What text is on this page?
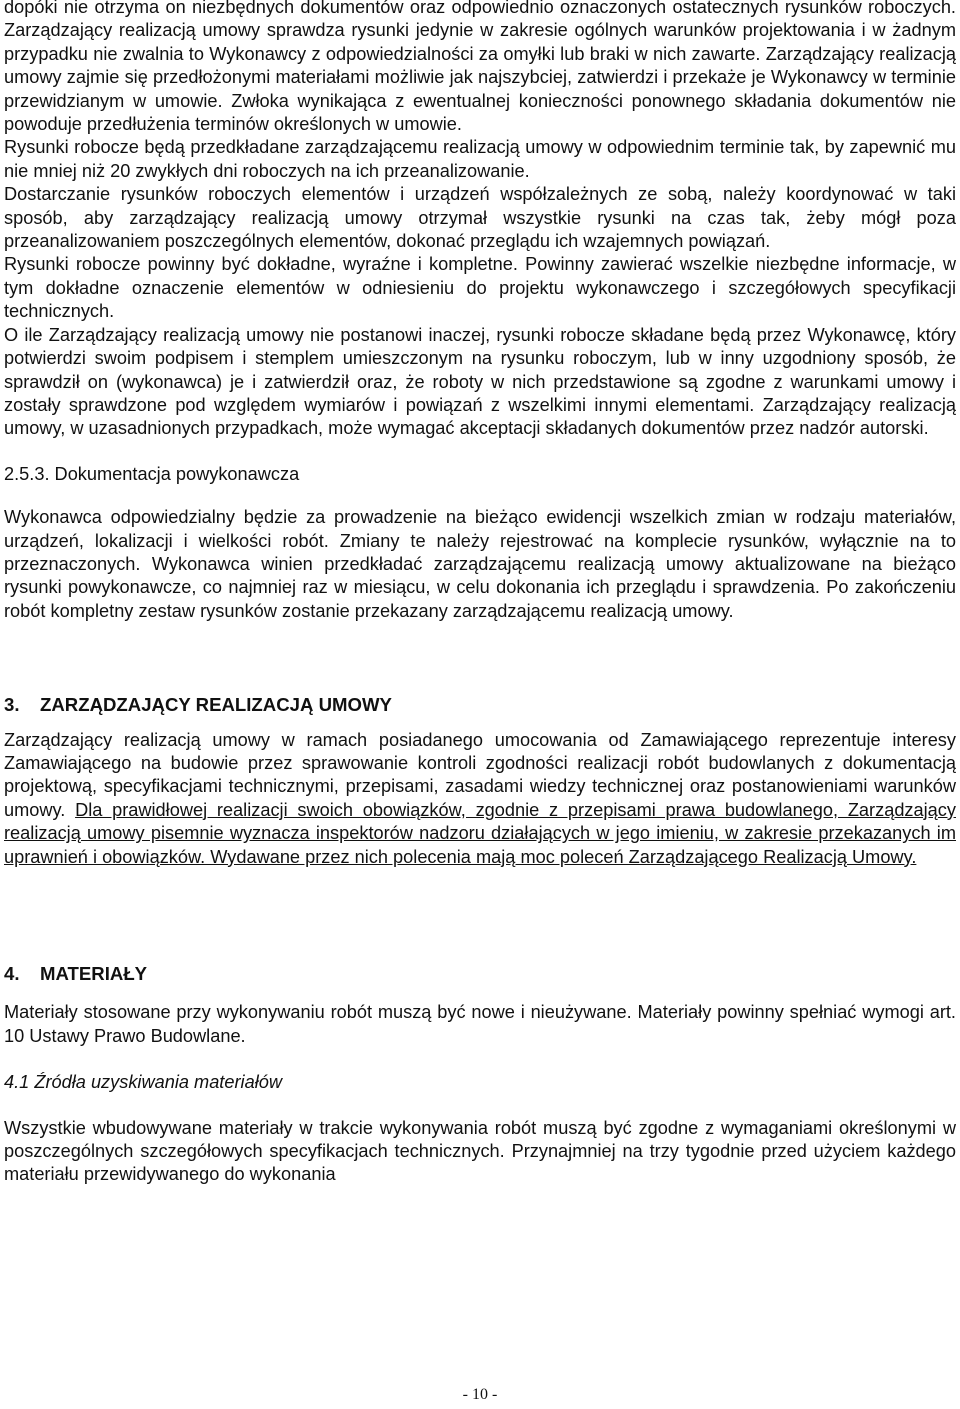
dopóki nie otrzyma on niezbędnych dokumentów oraz odpowiednio oznaczonych ostatecznych rysunków roboczych. Zarządzający realizacją umowy sprawdza rysunki jedynie w zakresie ogólnych warunków projektowania i w żadnym przypadku nie zwalnia to Wykonawcy z odpowiedzialności za omyłki lub braki w nich zawarte. Zarządzający realizacją umowy zajmie się przedłożonymi materiałami możliwie jak najszybciej, zatwierdzi i przekaże je Wykonawcy w terminie przewidzianym w umowie. Zwłoka wynikająca z ewentualnej konieczności ponownego składania dokumentów nie powoduje przedłużenia terminów określonych w umowie.

Rysunki robocze będą przedkładane zarządzającemu realizacją umowy w odpowiednim terminie tak, by zapewnić mu nie mniej niż 20 zwykłych dni roboczych na ich przeanalizowanie.

Dostarczanie rysunków roboczych elementów i urządzeń współzależnych ze sobą, należy koordynować w taki sposób, aby zarządzający realizacją umowy otrzymał wszystkie rysunki na czas tak, żeby mógł poza przeanalizowaniem poszczególnych elementów, dokonać przeglądu ich wzajemnych powiązań.

Rysunki robocze powinny być dokładne, wyraźne i kompletne. Powinny zawierać wszelkie niezbędne informacje, w tym dokładne oznaczenie elementów w odniesieniu do projektu wykonawczego i szczegółowych specyfikacji technicznych.

O ile Zarządzający realizacją umowy nie postanowi inaczej, rysunki robocze składane będą przez Wykonawcę, który potwierdzi swoim podpisem i stemplem umieszczonym na rysunku roboczym, lub w inny uzgodniony sposób, że sprawdził on (wykonawca) je i zatwierdził oraz, że roboty w nich przedstawione są zgodne z warunkami umowy i zostały sprawdzone pod względem wymiarów i powiązań z wszelkimi innymi elementami. Zarządzający realizacją umowy, w uzasadnionych przypadkach, może wymagać akceptacji składanych dokumentów przez nadzór autorski.

2.5.3. Dokumentacja powykonawcza

Wykonawca odpowiedzialny będzie za prowadzenie na bieżąco ewidencji wszelkich zmian w rodzaju materiałów, urządzeń, lokalizacji i wielkości robót. Zmiany te należy rejestrować na komplecie rysunków, wyłącznie na to przeznaczonych. Wykonawca winien przedkładać zarządzającemu realizacją umowy aktualizowane na bieżąco rysunki powykonawcze, co najmniej raz w miesiącu, w celu dokonania ich przeglądu i sprawdzenia. Po zakończeniu robót kompletny zestaw rysunków zostanie przekazany zarządzającemu realizacją umowy.

3. ZARZĄDZAJĄCY REALIZACJĄ UMOWY

Zarządzający realizacją umowy w ramach posiadanego umocowania od Zamawiającego reprezentuje interesy Zamawiającego na budowie przez sprawowanie kontroli zgodności realizacji robót budowlanych z dokumentacją projektową, specyfikacjami technicznymi, przepisami, zasadami wiedzy technicznej oraz postanowieniami warunków umowy. Dla prawidłowej realizacji swoich obowiązków, zgodnie z przepisami prawa budowlanego, Zarządzający realizacją umowy pisemnie wyznacza inspektorów nadzoru działających w jego imieniu, w zakresie przekazanych im uprawnień i obowiązków. Wydawane przez nich polecenia mają moc poleceń Zarządzającego Realizacją Umowy.

4. MATERIAŁY

Materiały stosowane przy wykonywaniu robót muszą być nowe i nieużywane. Materiały powinny spełniać wymogi art. 10 Ustawy Prawo Budowlane.

4.1 Źródła uzyskiwania materiałów

Wszystkie wbudowywane materiały w trakcie wykonywania robót muszą być zgodne z wymaganiami określonymi w poszczególnych szczegółowych specyfikacjach technicznych. Przynajmniej na trzy tygodnie przed użyciem każdego materiału przewidywanego do wykonania

- 10 -
